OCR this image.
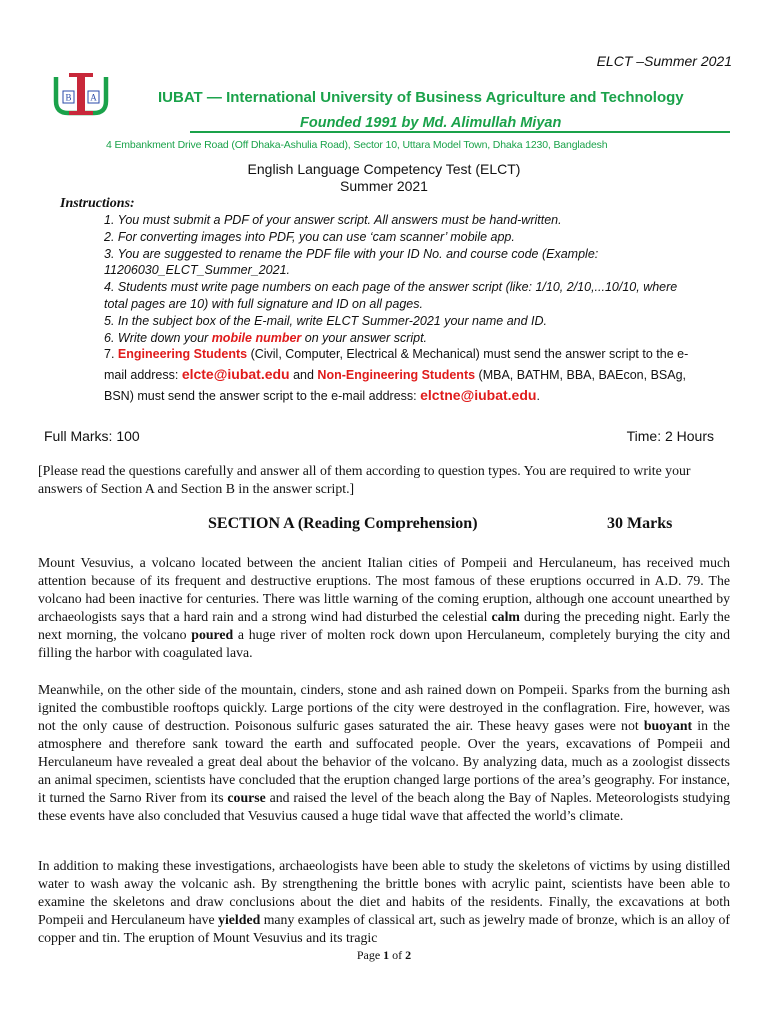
ELCT –Summer 2021
B A	IUBAT — International University of Business Agriculture and Technology
Founded 1991 by Md. Alimullah Miyan
4 Embankment Drive Road (Off Dhaka-Ashulia Road), Sector 10, Uttara Model Town, Dhaka 1230, Bangladesh
English Language Competency Test (ELCT)
Summer 2021
Instructions:
1. You must submit a PDF of your answer script. All answers must be hand-written.
2. For converting images into PDF, you can use ‘cam scanner’ mobile app.
3. You are suggested to rename the PDF file with your ID No. and course code (Example:
11206030_ELCT_Summer_2021.
4. Students must write page numbers on each page of the answer script (like: 1/10, 2/10,...10/10, where
total pages are 10) with full signature and ID on all pages.
5. In the subject box of the E-mail, write ELCT Summer-2021 your name and ID.
6. Write down your mobile number on your answer script.
7. Engineering Students (Civil, Computer, Electrical & Mechanical) must send the answer script to the e-
mail address: elcte@iubat.edu and Non-Engineering Students (MBA, BATHM, BBA, BAEcon, BSAg,
BSN) must send the answer script to the e-mail address: elctne@iubat.edu.
Full Marks: 100	Time: 2 Hours
[Please read the questions carefully and answer all of them according to question types. You are required to write your answers of Section A and Section B in the answer script.]
SECTION A (Reading Comprehension)	30 Marks
Mount Vesuvius, a volcano located between the ancient Italian cities of Pompeii and Herculaneum, has received much attention because of its frequent and destructive eruptions. The most famous of these eruptions occurred in A.D. 79. The volcano had been inactive for centuries. There was little warning of the coming eruption, although one account unearthed by archaeologists says that a hard rain and a strong wind had disturbed the celestial calm during the preceding night. Early the next morning, the volcano poured a huge river of molten rock down upon Herculaneum, completely burying the city and filling the harbor with coagulated lava.
Meanwhile, on the other side of the mountain, cinders, stone and ash rained down on Pompeii. Sparks from the burning ash ignited the combustible rooftops quickly. Large portions of the city were destroyed in the conflagration. Fire, however, was not the only cause of destruction. Poisonous sulfuric gases saturated the air. These heavy gases were not buoyant in the atmosphere and therefore sank toward the earth and suffocated people. Over the years, excavations of Pompeii and Herculaneum have revealed a great deal about the behavior of the volcano. By analyzing data, much as a zoologist dissects an animal specimen, scientists have concluded that the eruption changed large portions of the area’s geography. For instance, it turned the Sarno River from its course and raised the level of the beach along the Bay of Naples. Meteorologists studying these events have also concluded that Vesuvius caused a huge tidal wave that affected the world’s climate.
In addition to making these investigations, archaeologists have been able to study the skeletons of victims by using distilled water to wash away the volcanic ash. By strengthening the brittle bones with acrylic paint, scientists have been able to examine the skeletons and draw conclusions about the diet and habits of the residents. Finally, the excavations at both Pompeii and Herculaneum have yielded many examples of classical art, such as jewelry made of bronze, which is an alloy of copper and tin. The eruption of Mount Vesuvius and its tragic
Page 1 of 2
